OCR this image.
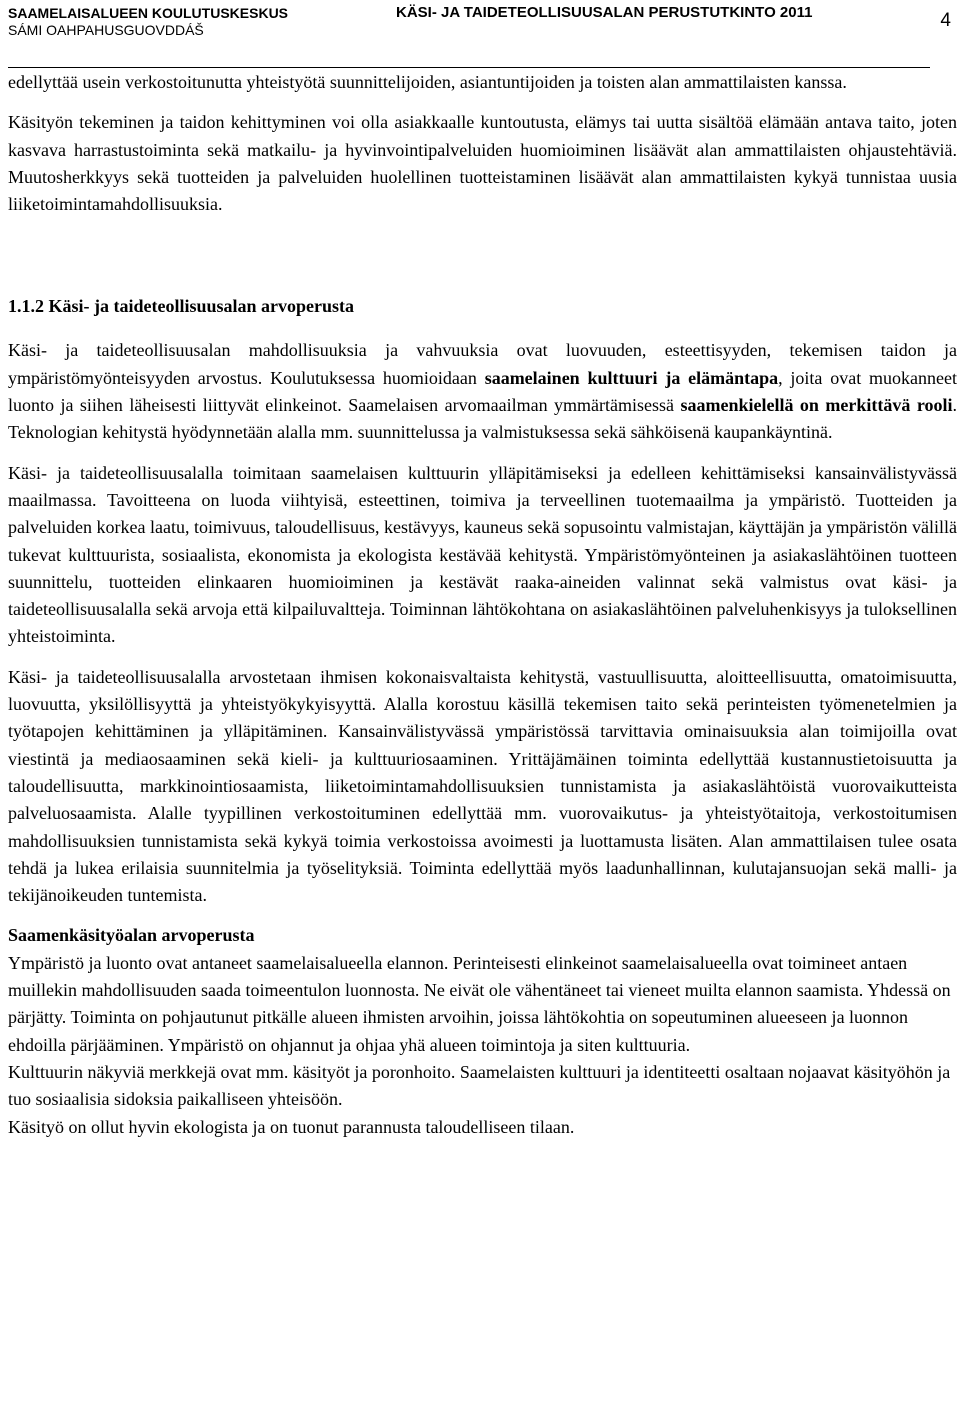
SAAMELAISALUEEN KOULUTUSKESKUS
SÁMI OAHPAHUSGUOVDDÁŠ
KÄSI- JA TAIDETEOLLISUUSALAN PERUSTUTKINTO 2011	4

edellyttää usein verkostoitunutta yhteistyötä suunnittelijoiden, asiantuntijoiden ja toisten alan ammattilaisten kanssa.

Käsityön tekeminen ja taidon kehittyminen voi olla asiakkaalle kuntoutusta, elämys tai uutta sisältöä elämään antava taito, joten kasvava harrastustoiminta sekä matkailu- ja hyvinvointipalveluiden huomioiminen lisäävät alan ammattilaisten ohjaustehtäviä. Muutosherkkyys sekä tuotteiden ja palveluiden huolellinen tuotteistaminen lisäävät alan ammattilaisten kykyä tunnistaa uusia liiketoimintamahdollisuuksia.

1.1.2 Käsi- ja taideteollisuusalan arvoperusta

Käsi- ja taideteollisuusalan mahdollisuuksia ja vahvuuksia ovat luovuuden, esteettisyyden, tekemisen taidon ja ympäristömyönteisyyden arvostus. Koulutuksessa huomioidaan saamelainen kulttuuri ja elämäntapa, joita ovat muokanneet luonto ja siihen läheisesti liittyvät elinkeinot. Saamelaisen arvomaailman ymmärtämisessä saamenkielellä on merkittävä rooli. Teknologian kehitystä hyödynnetään alalla mm. suunnittelussa ja valmistuksessa sekä sähköisenä kaupankäyntinä.

Käsi- ja taideteollisuusalalla toimitaan saamelaisen kulttuurin ylläpitämiseksi ja edelleen kehittämiseksi kansainvälistyvässä maailmassa. Tavoitteena on luoda viihtyisä, esteettinen, toimiva ja terveellinen tuotemaailma ja ympäristö. Tuotteiden ja palveluiden korkea laatu, toimivuus, taloudellisuus, kestävyys, kauneus sekä sopusointu valmistajan, käyttäjän ja ympäristön välillä tukevat kulttuurista, sosiaalista, ekonomista ja ekologista kestävää kehitystä. Ympäristömyönteinen ja asiakaslähtöinen tuotteen suunnittelu, tuotteiden elinkaaren huomioiminen ja kestävät raaka-aineiden valinnat sekä valmistus ovat käsi- ja taideteollisuusalalla sekä arvoja että kilpailuvaltteja. Toiminnan lähtökohtana on asiakaslähtöinen palveluhenkisyys ja tuloksellinen yhteistoiminta.

Käsi- ja taideteollisuusalalla arvostetaan ihmisen kokonaisvaltaista kehitystä, vastuullisuutta, aloitteellisuutta, omatoimisuutta, luovuutta, yksilöllisyyttä ja yhteistyökykyisyyttä. Alalla korostuu käsillä tekemisen taito sekä perinteisten työmenetelmien ja työtapojen kehittäminen ja ylläpitäminen. Kansainvälistyvässä ympäristössä tarvittavia ominaisuuksia alan toimijoilla ovat viestintä ja mediaosaaminen sekä kieli- ja kulttuuriosaaminen. Yrittäjämäinen toiminta edellyttää kustannustietoisuutta ja taloudellisuutta, markkinointiosaamista, liiketoimintamahdollisuuksien tunnistamista ja asiakaslähtöistä vuorovaikutteista palveluosaamista. Alalle tyypillinen verkostoituminen edellyttää mm. vuorovaikutus- ja yhteistyötaitoja, verkostoitumisen mahdollisuuksien tunnistamista sekä kykyä toimia verkostoissa avoimesti ja luottamusta lisäten. Alan ammattilaisen tulee osata tehdä ja lukea erilaisia suunnitelmia ja työselityksiä. Toiminta edellyttää myös laadunhallinnan, kulutajansuojan sekä malli- ja tekijänoikeuden tuntemista.

Saamenkäsityöalan arvoperusta

Ympäristö ja luonto ovat antaneet saamelaisalueella elannon. Perinteisesti elinkeinot saamelaisalueella ovat toimineet antaen muillekin mahdollisuuden saada toimeentulon luonnosta. Ne eivät ole vähentäneet tai vieneet muilta elannon saamista. Yhdessä on pärjätty. Toiminta on pohjautunut pitkälle alueen ihmisten arvoihin, joissa lähtökohtia on sopeutuminen alueeseen ja luonnon ehdoilla pärjääminen. Ympäristö on ohjannut ja ohjaa yhä alueen toimintoja ja siten kulttuuria.

Kulttuurin näkyviä merkkejä ovat mm. käsityöt ja poronhoito. Saamelaisten kulttuuri ja identiteetti osaltaan nojaavat käsityöhön ja tuo sosiaalisia sidoksia paikalliseen yhteisöön.

Käsityö on ollut hyvin ekologista ja on tuonut parannusta taloudelliseen tilaan.
